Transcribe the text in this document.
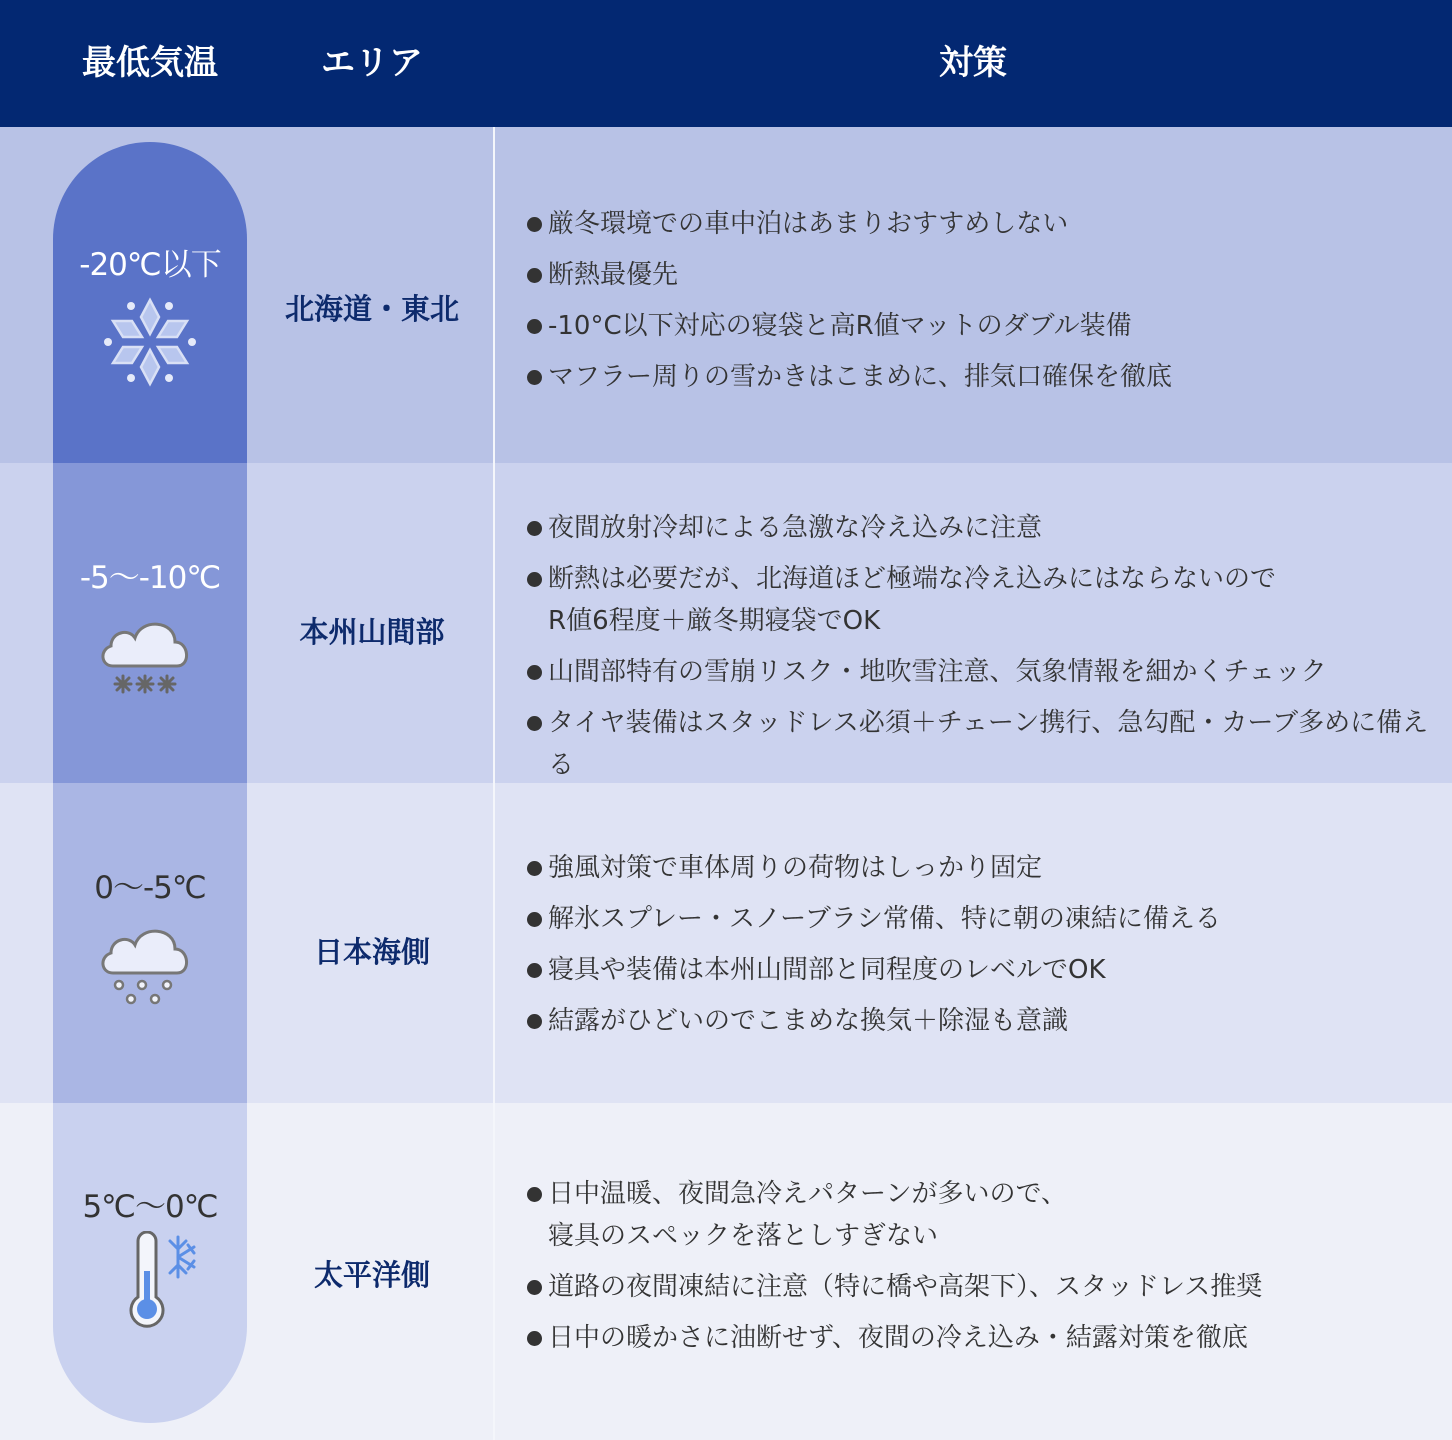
最低気温	エリア	対策
-20℃以下
北海道・東北
厳冬環境での車中泊はあまりおすすめしない
断熱最優先
-10°C以下対応の寝袋と高R値マットのダブル装備
マフラー周りの雪かきはこまめに、排気口確保を徹底
-5～-10℃
本州山間部
夜間放射冷却による急激な冷え込みに注意
断熱は必要だが、北海道ほど極端な冷え込みにはならないので
R値6程度＋厳冬期寝袋でOK
山間部特有の雪崩リスク・地吹雪注意、気象情報を細かくチェック
タイヤ装備はスタッドレス必須＋チェーン携行、急勾配・カーブ多めに備える
0～-5℃
日本海側
強風対策で車体周りの荷物はしっかり固定
解氷スプレー・スノーブラシ常備、特に朝の凍結に備える
寝具や装備は本州山間部と同程度のレベルでOK
結露がひどいのでこまめな換気＋除湿も意識
5℃～0℃
太平洋側
日中温暖、夜間急冷えパターンが多いので、
寝具のスペックを落としすぎない
道路の夜間凍結に注意（特に橋や高架下）、スタッドレス推奨
日中の暖かさに油断せず、夜間の冷え込み・結露対策を徹底
